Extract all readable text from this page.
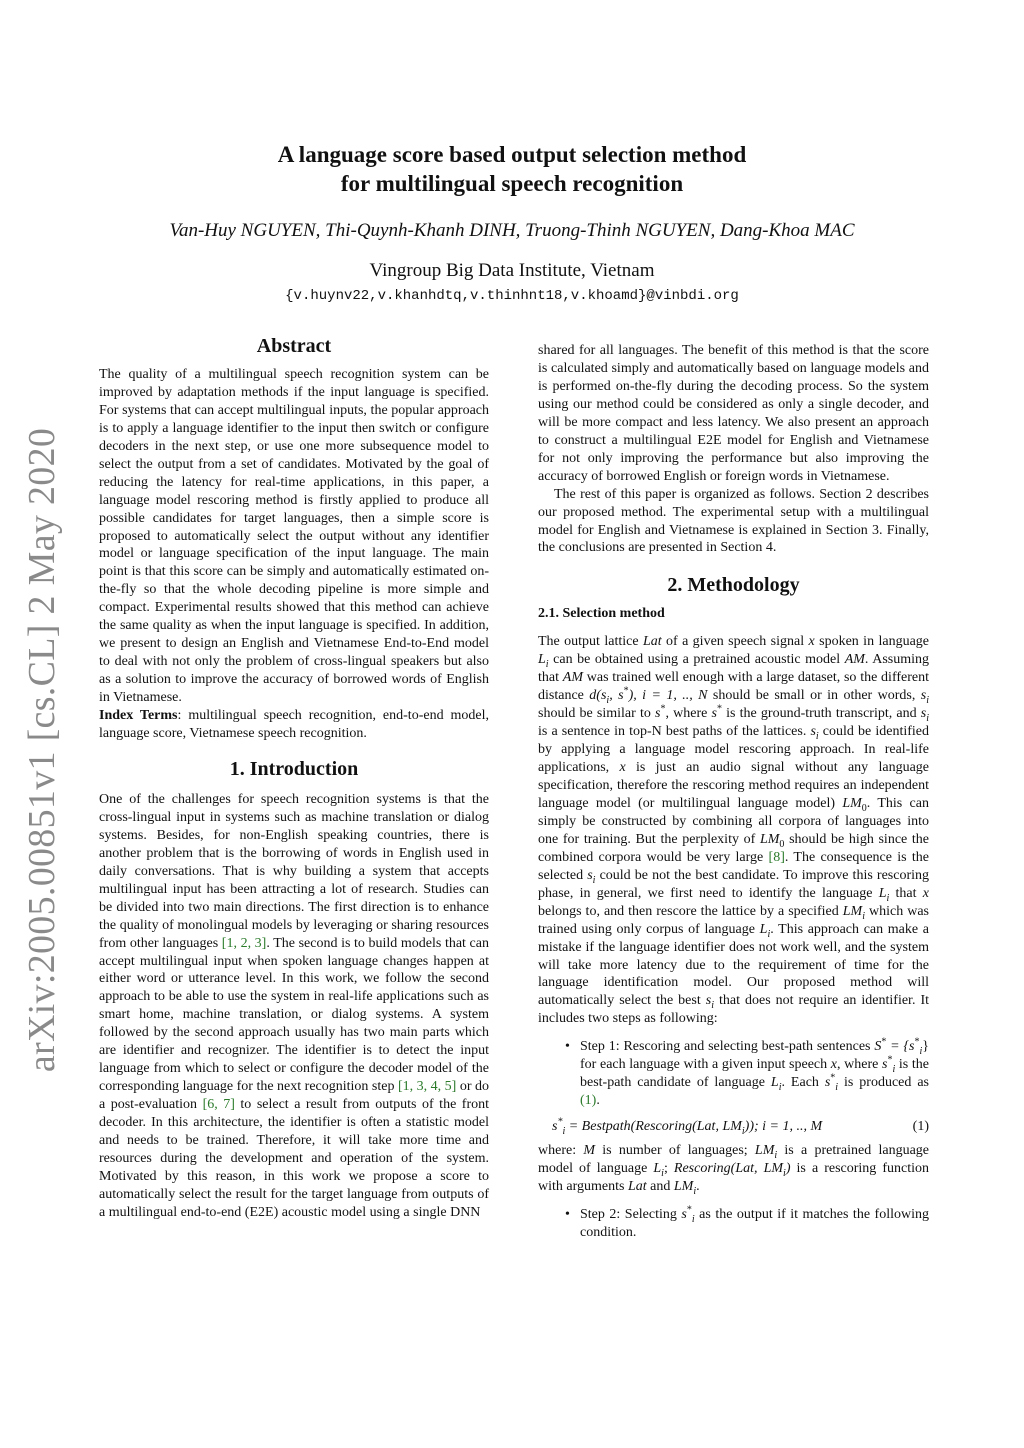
arXiv:2005.00851v1 [cs.CL] 2 May 2020
A language score based output selection method
for multilingual speech recognition
Van-Huy NGUYEN, Thi-Quynh-Khanh DINH, Truong-Thinh NGUYEN, Dang-Khoa MAC
Vingroup Big Data Institute, Vietnam
{v.huynv22,v.khanhdtq,v.thinhnt18,v.khoamd}@vinbdi.org
Abstract

The quality of a multilingual speech recognition system can be improved by adaptation methods if the input language is specified. For systems that can accept multilingual inputs, the popular approach is to apply a language identifier to the input then switch or configure decoders in the next step, or use one more subsequence model to select the output from a set of candidates. Motivated by the goal of reducing the latency for real-time applications, in this paper, a language model rescoring method is firstly applied to produce all possible candidates for target languages, then a simple score is proposed to automatically select the output without any identifier model or language specification of the input language. The main point is that this score can be simply and automatically estimated on-the-fly so that the whole decoding pipeline is more simple and compact. Experimental results showed that this method can achieve the same quality as when the input language is specified. In addition, we present to design an English and Vietnamese End-to-End model to deal with not only the problem of cross-lingual speakers but also as a solution to improve the accuracy of borrowed words of English in Vietnamese.

Index Terms: multilingual speech recognition, end-to-end model, language score, Vietnamese speech recognition.

1. Introduction

One of the challenges for speech recognition systems is that the cross-lingual input in systems such as machine translation or dialog systems. Besides, for non-English speaking countries, there is another problem that is the borrowing of words in English used in daily conversations. That is why building a system that accepts multilingual input has been attracting a lot of research. Studies can be divided into two main directions. The first direction is to enhance the quality of monolingual models by leveraging or sharing resources from other languages [1, 2, 3]. The second is to build models that can accept multilingual input when spoken language changes happen at either word or utterance level. In this work, we follow the second approach to be able to use the system in real-life applications such as smart home, machine translation, or dialog systems. A system followed by the second approach usually has two main parts which are identifier and recognizer. The identifier is to detect the input language from which to select or configure the decoder model of the corresponding language for the next recognition step [1, 3, 4, 5] or do a post-evaluation [6, 7] to select a result from outputs of the front decoder. In this architecture, the identifier is often a statistic model and needs to be trained. Therefore, it will take more time and resources during the development and operation of the system. Motivated by this reason, in this work we propose a score to automatically select the result for the target language from outputs of a multilingual end-to-end (E2E) acoustic model using a single DNN

shared for all languages. The benefit of this method is that the score is calculated simply and automatically based on language models and is performed on-the-fly during the decoding process. So the system using our method could be considered as only a single decoder, and will be more compact and less latency. We also present an approach to construct a multilingual E2E model for English and Vietnamese for not only improving the performance but also improving the accuracy of borrowed English or foreign words in Vietnamese.

The rest of this paper is organized as follows. Section 2 describes our proposed method. The experimental setup with a multilingual model for English and Vietnamese is explained in Section 3. Finally, the conclusions are presented in Section 4.

2. Methodology
2.1. Selection method

The output lattice Lat of a given speech signal x spoken in language $L_i$ can be obtained using a pretrained acoustic model AM. Assuming that AM was trained well enough with a large dataset, so the different distance $d(s_i$, s*), i = 1, .., N should be small or in other words, $s_i$ should be similar to s*, where s* is the ground-truth transcript, and $s_i$ is a sentence in top-N best paths of the lattices. $s_i$ could be identified by applying a language model rescoring approach. In real-life applications, x is just an audio signal without any language specification, therefore the rescoring method requires an independent language model (or multilingual language model) $LM_0$. This can simply be constructed by combining all corpora of languages into one for training. But the perplexity of $LM_0$ should be high since the combined corpora would be very large [8]. The consequence is the selected $s_i$ could be not the best candidate. To improve this rescoring phase, in general, we first need to identify the language $L_i$ that x belongs to, and then rescore the lattice by a specified $LM_i$ which was trained using only corpus of language $L_i$. This approach can make a mistake if the language identifier does not work well, and the system will take more latency due to the requirement of time for the language identification model. Our proposed method will automatically select the best $s_i$ that does not require an identifier. It includes two steps as following:

• Step 1: Rescoring and selecting best-path sentences $S^* = \{s^*_i\}$ for each language with a given input speech x, where $s^*_i$ is the best-path candidate of language $L_i$. Each $s^*_i$ is produced as (1).
$s^*_i$ = Bestpath(Rescoring(Lat, $LM_i$)); i = 1, .., M	(1)

where: M is number of languages; $LM_i$ is a pretrained language model of language $L_i$; Rescoring(Lat, $LM_i$) is a rescoring function with arguments Lat and $LM_i$.

• Step 2: Selecting $s^*_i$ as the output if it matches the following condition.
